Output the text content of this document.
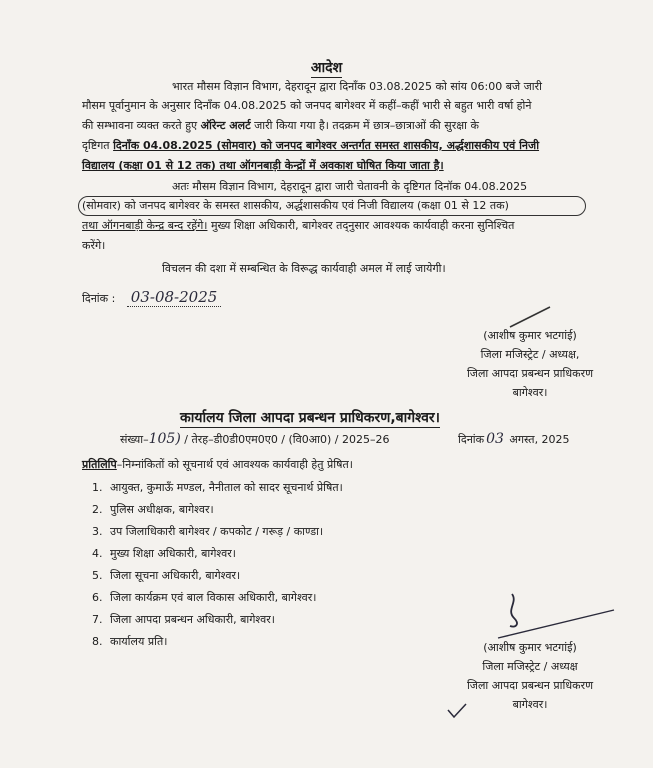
आदेश
भारत मौसम विज्ञान विभाग, देहरादून द्वारा दिनाँक 03.08.2025 को सांय 06:00 बजे जारी
मौसम पूर्वानुमान के अनुसार दिनाँक 04.08.2025 को जनपद बागेश्वर में कहीं–कहीं भारी से बहुत भारी वर्षा होने
की सम्भावना व्यक्त करते हुए ऑरेन्ट अलर्ट जारी किया गया है। तदक्रम में छात्र–छात्राओं की सुरक्षा के
दृष्टिगत दिनाँक 04.08.2025 (सोमवार) को जनपद बागेश्वर अन्तर्गत समस्त शासकीय, अर्द्धशासकीय एवं निजी
विद्यालय (कक्षा 01 से 12 तक) तथा ऑगनबाड़ी केन्द्रों में अवकाश घोषित किया जाता है।
अतः मौसम विज्ञान विभाग, देहरादून द्वारा जारी चेतावनी के दृष्टिगत दिनॉक 04.08.2025
(सोमवार) को जनपद बागेश्वर के समस्त शासकीय, अर्द्धशासकीय एवं निजी विद्यालय (कक्षा 01 से 12 तक)
तथा ऑगनबाड़ी केन्द्र बन्द रहेंगे। मुख्य शिक्षा अधिकारी, बागेश्वर तद्नुसार आवश्यक कार्यवाही करना सुनिश्चित
करेंगे।
विचलन की दशा में सम्बन्धित के विरूद्ध कार्यवाही अमल में लाई जायेगी।
दिनांक : 03-08-2025
(आशीष कुमार भटगांई)
जिला मजिस्ट्रेट / अध्यक्ष,
जिला आपदा प्रबन्धन प्राधिकरण
बागेश्वर।
कार्यालय जिला आपदा प्रबन्धन प्राधिकरण,बागेश्वर।
संख्या–105) / तेरह–डी0डी0एम0ए0 / (वि0आ0) / 2025–26	दिनांक 03 अगस्त, 2025
प्रतिलिपि–निम्नांकितों को सूचनार्थ एवं आवश्यक कार्यवाही हेतु प्रेषित।
1. आयुक्त, कुमाऊँ मण्डल, नैनीताल को सादर सूचनार्थ प्रेषित।
2. पुलिस अधीक्षक, बागेश्वर।
3. उप जिलाधिकारी बागेश्वर / कपकोट / गरूड़ / काण्डा।
4. मुख्य शिक्षा अधिकारी, बागेश्वर।
5. जिला सूचना अधिकारी, बागेश्वर।
6. जिला कार्यक्रम एवं बाल विकास अधिकारी, बागेश्वर।
7. जिला आपदा प्रबन्धन अधिकारी, बागेश्वर।
8. कार्यालय प्रति।	(आशीष कुमार भटगांई)
जिला मजिस्ट्रेट / अध्यक्ष
जिला आपदा प्रबन्धन प्राधिकरण
बागेश्वर।
